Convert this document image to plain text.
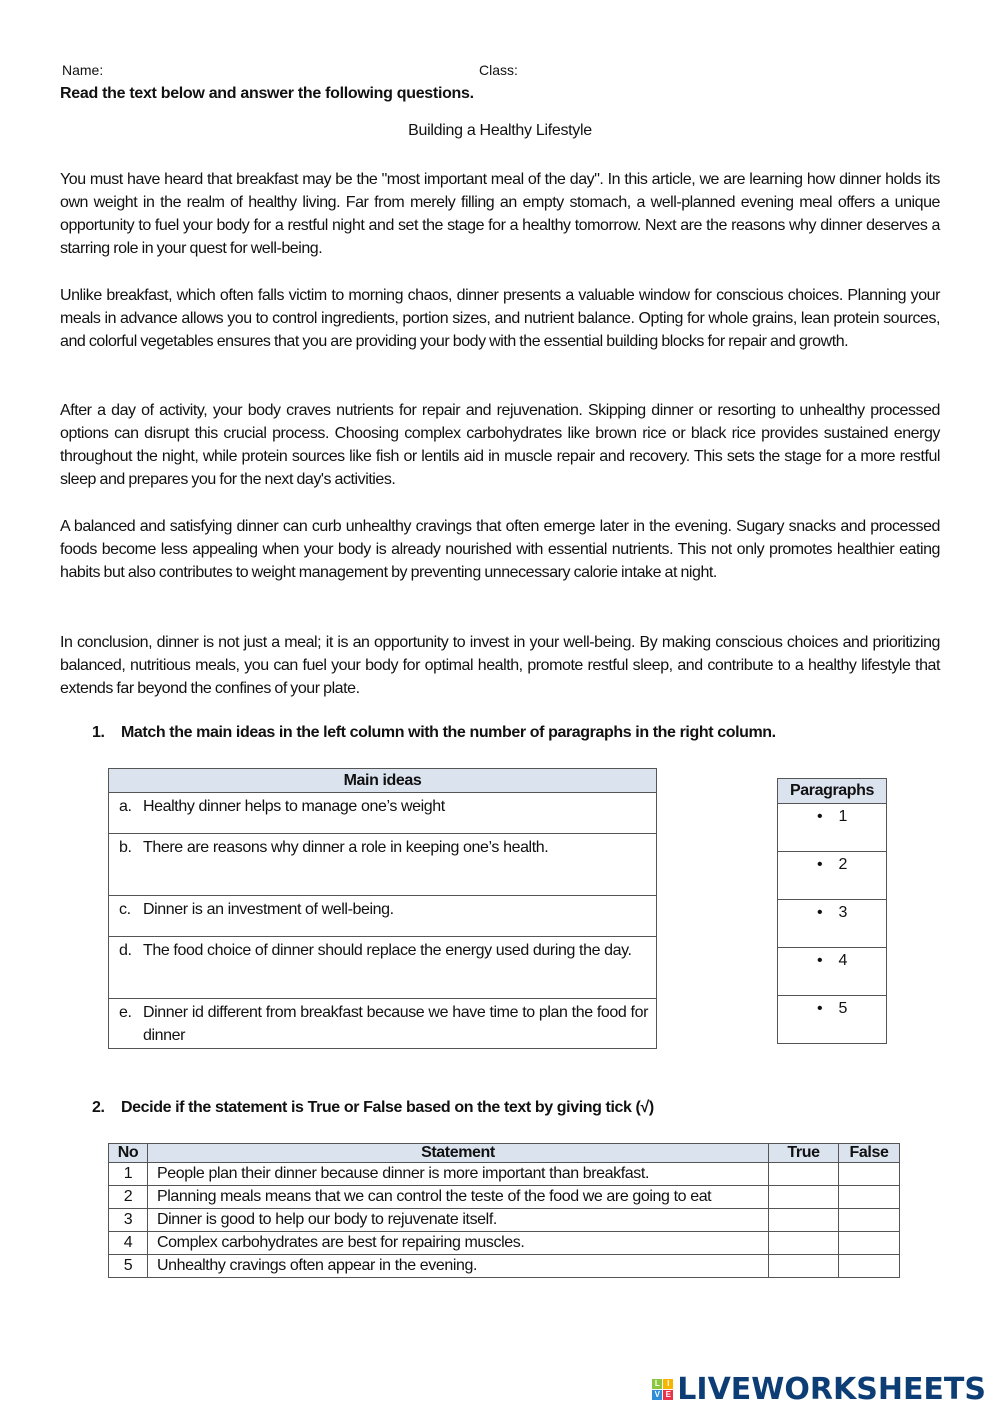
Name:	Class:
Read the text below and answer the following questions.
Building a Healthy Lifestyle

You must have heard that breakfast may be the "most important meal of the day". In this article, we are learning how dinner holds its own weight in the realm of healthy living. Far from merely filling an empty stomach, a well-planned evening meal offers a unique opportunity to fuel your body for a restful night and set the stage for a healthy tomorrow. Next are the reasons why dinner deserves a starring role in your quest for well-being.

Unlike breakfast, which often falls victim to morning chaos, dinner presents a valuable window for conscious choices. Planning your meals in advance allows you to control ingredients, portion sizes, and nutrient balance. Opting for whole grains, lean protein sources, and colorful vegetables ensures that you are providing your body with the essential building blocks for repair and growth.

After a day of activity, your body craves nutrients for repair and rejuvenation. Skipping dinner or resorting to unhealthy processed options can disrupt this crucial process. Choosing complex carbohydrates like brown rice or black rice provides sustained energy throughout the night, while protein sources like fish or lentils aid in muscle repair and recovery. This sets the stage for a more restful sleep and prepares you for the next day's activities.

A balanced and satisfying dinner can curb unhealthy cravings that often emerge later in the evening. Sugary snacks and processed foods become less appealing when your body is already nourished with essential nutrients. This not only promotes healthier eating habits but also contributes to weight management by preventing unnecessary calorie intake at night.

In conclusion, dinner is not just a meal; it is an opportunity to invest in your well-being. By making conscious choices and prioritizing balanced, nutritious meals, you can fuel your body for optimal health, promote restful sleep, and contribute to a healthy lifestyle that extends far beyond the confines of your plate.

1. Match the main ideas in the left column with the number of paragraphs in the right column.
Main ideas
a. Healthy dinner helps to manage one’s weight

b. There are reasons why dinner a role in keeping one’s health.

c. Dinner is an investment of well-being.

d. The food choice of dinner should replace the energy used during the day.

e. Dinner id different from breakfast because we have time to plan the food for dinner
Paragraphs
• 1
• 2
• 3
• 4
• 5
2. Decide if the statement is True or False based on the text by giving tick (√)
No	Statement	True	False
1	People plan their dinner because dinner is more important than breakfast.		
2	Planning meals means that we can control the teste of the food we are going to eat		
3	Dinner is good to help our body to rejuvenate itself.		
4	Complex carbohydrates are best for repairing muscles.		
5	Unhealthy cravings often appear in the evening.		
L I
V E LIVEWORKSHEETS
